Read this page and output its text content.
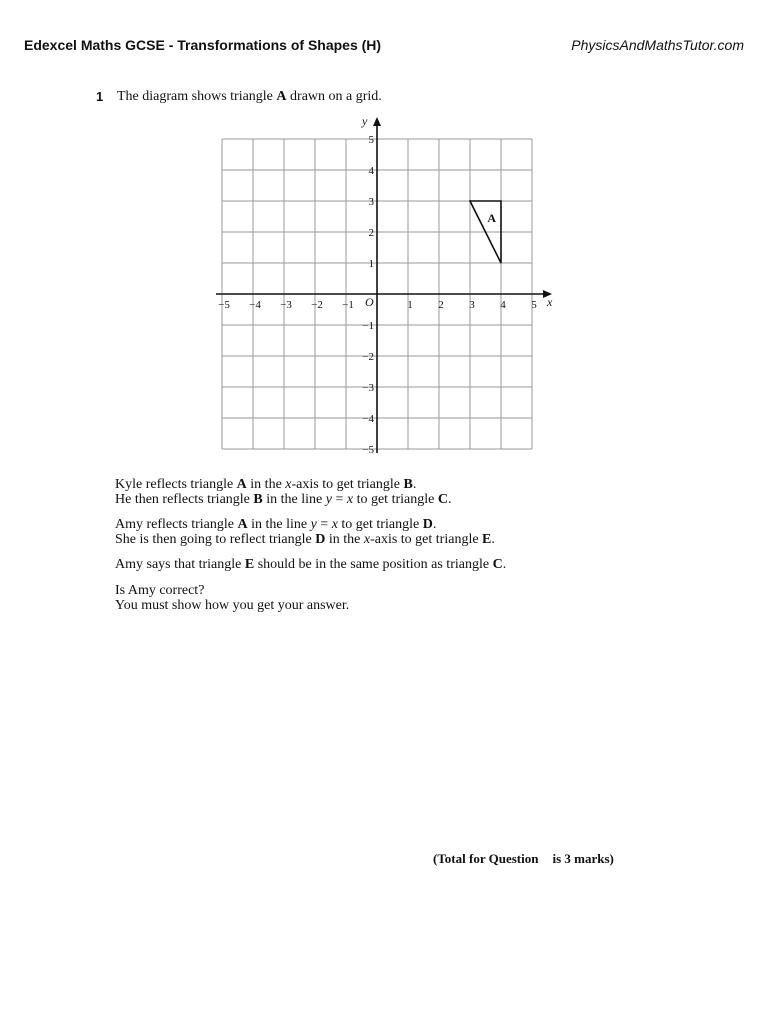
Edexcel Maths GCSE - Transformations of Shapes (H)	PhysicsAndMathsTutor.com
1 The diagram shows triangle A drawn on a grid.
x
y
O
−5 −4 −3 −2 −1	1 2 3 4 5
5
4
3
2
1
−1
−2
−3
−4
−5
A
Kyle reflects triangle A in the x-axis to get triangle B.
He then reflects triangle B in the line y = x to get triangle C.
Amy reflects triangle A in the line y = x to get triangle D.
She is then going to reflect triangle D in the x-axis to get triangle E.
Amy says that triangle E should be in the same position as triangle C.
Is Amy correct?
You must show how you get your answer.
(Total for Question is 3 marks)
